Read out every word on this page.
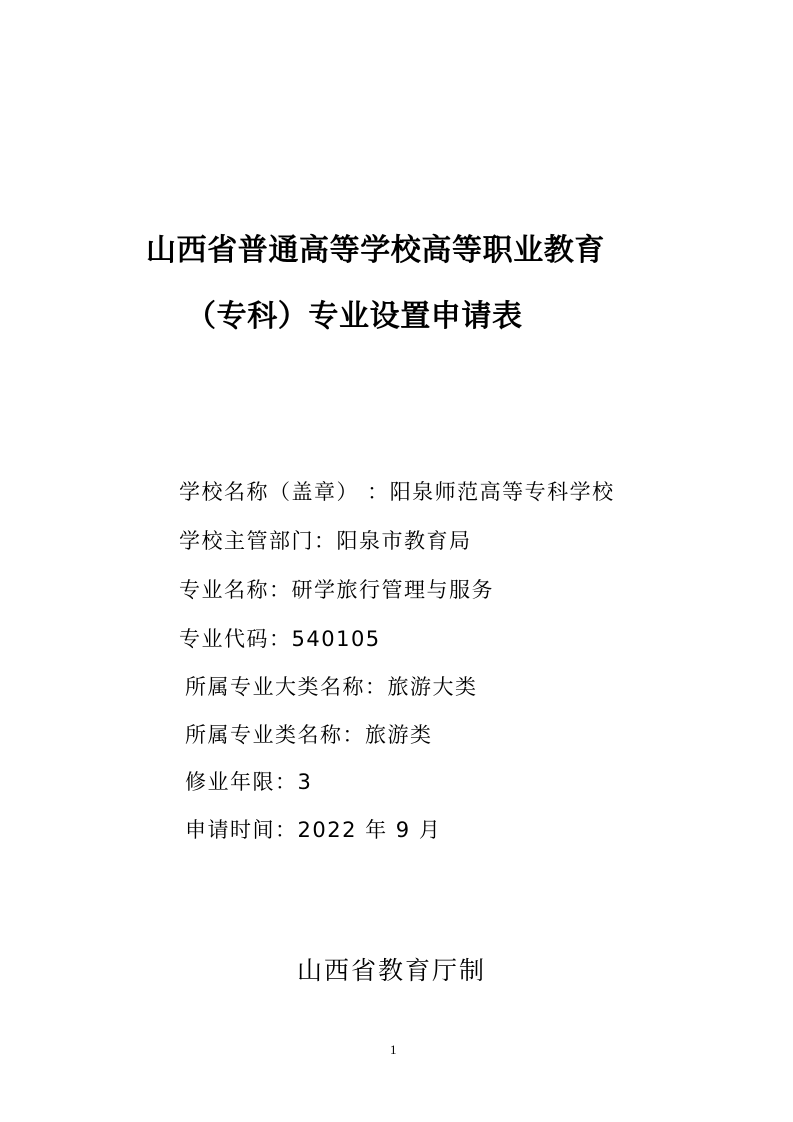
山西省普通高等学校高等职业教育
（专科）专业设置申请表
学校名称（盖章） ：阳泉师范高等专科学校
学校主管部门：阳泉市教育局
专业名称：研学旅行管理与服务
专业代码：540105
所属专业大类名称：旅游大类
所属专业类名称：旅游类
修业年限：3
申请时间：2022 年 9 月
山西省教育厅制
1
